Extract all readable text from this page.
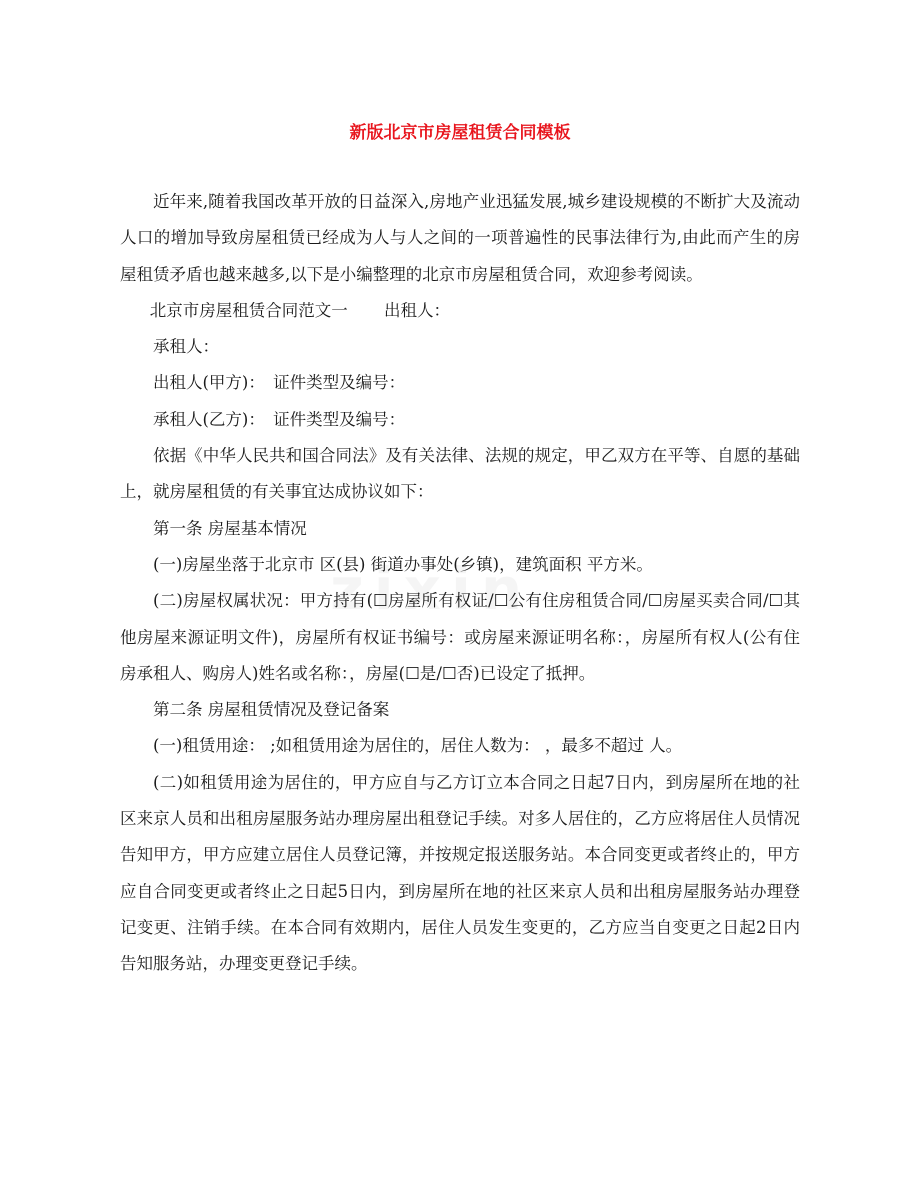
新版北京市房屋租赁合同模板

近年来,随着我国改革开放的日益深入,房地产业迅猛发展,城乡建设规模的不断扩大及流动人口的增加导致房屋租赁已经成为人与人之间的一项普遍性的民事法律行为,由此而产生的房屋租赁矛盾也越来越多,以下是小编整理的北京市房屋租赁合同，欢迎参考阅读。

北京市房屋租赁合同范文一 出租人：

承租人：

出租人(甲方)：　证件类型及编号：

承租人(乙方)：　证件类型及编号：

依据《中华人民共和国合同法》及有关法律、法规的规定，甲乙双方在平等、自愿的基础上，就房屋租赁的有关事宜达成协议如下：

第一条 房屋基本情况

(一)房屋坐落于北京市 区(县) 街道办事处(乡镇)，建筑面积 平方米。

(二)房屋权属状况：甲方持有(☐房屋所有权证/☐公有住房租赁合同/☐房屋买卖合同/☐其他房屋来源证明文件)，房屋所有权证书编号：或房屋来源证明名称：，房屋所有权人(公有住房承租人、购房人)姓名或名称：，房屋(☐是/☐否)已设定了抵押。

第二条 房屋租赁情况及登记备案

(一)租赁用途： ;如租赁用途为居住的，居住人数为： ，最多不超过 人。

(二)如租赁用途为居住的，甲方应自与乙方订立本合同之日起7日内，到房屋所在地的社区来京人员和出租房屋服务站办理房屋出租登记手续。对多人居住的，乙方应将居住人员情况告知甲方，甲方应建立居住人员登记簿，并按规定报送服务站。本合同变更或者终止的，甲方应自合同变更或者终止之日起5日内，到房屋所在地的社区来京人员和出租房屋服务站办理登记变更、注销手续。在本合同有效期内，居住人员发生变更的，乙方应当自变更之日起2日内告知服务站，办理变更登记手续。
